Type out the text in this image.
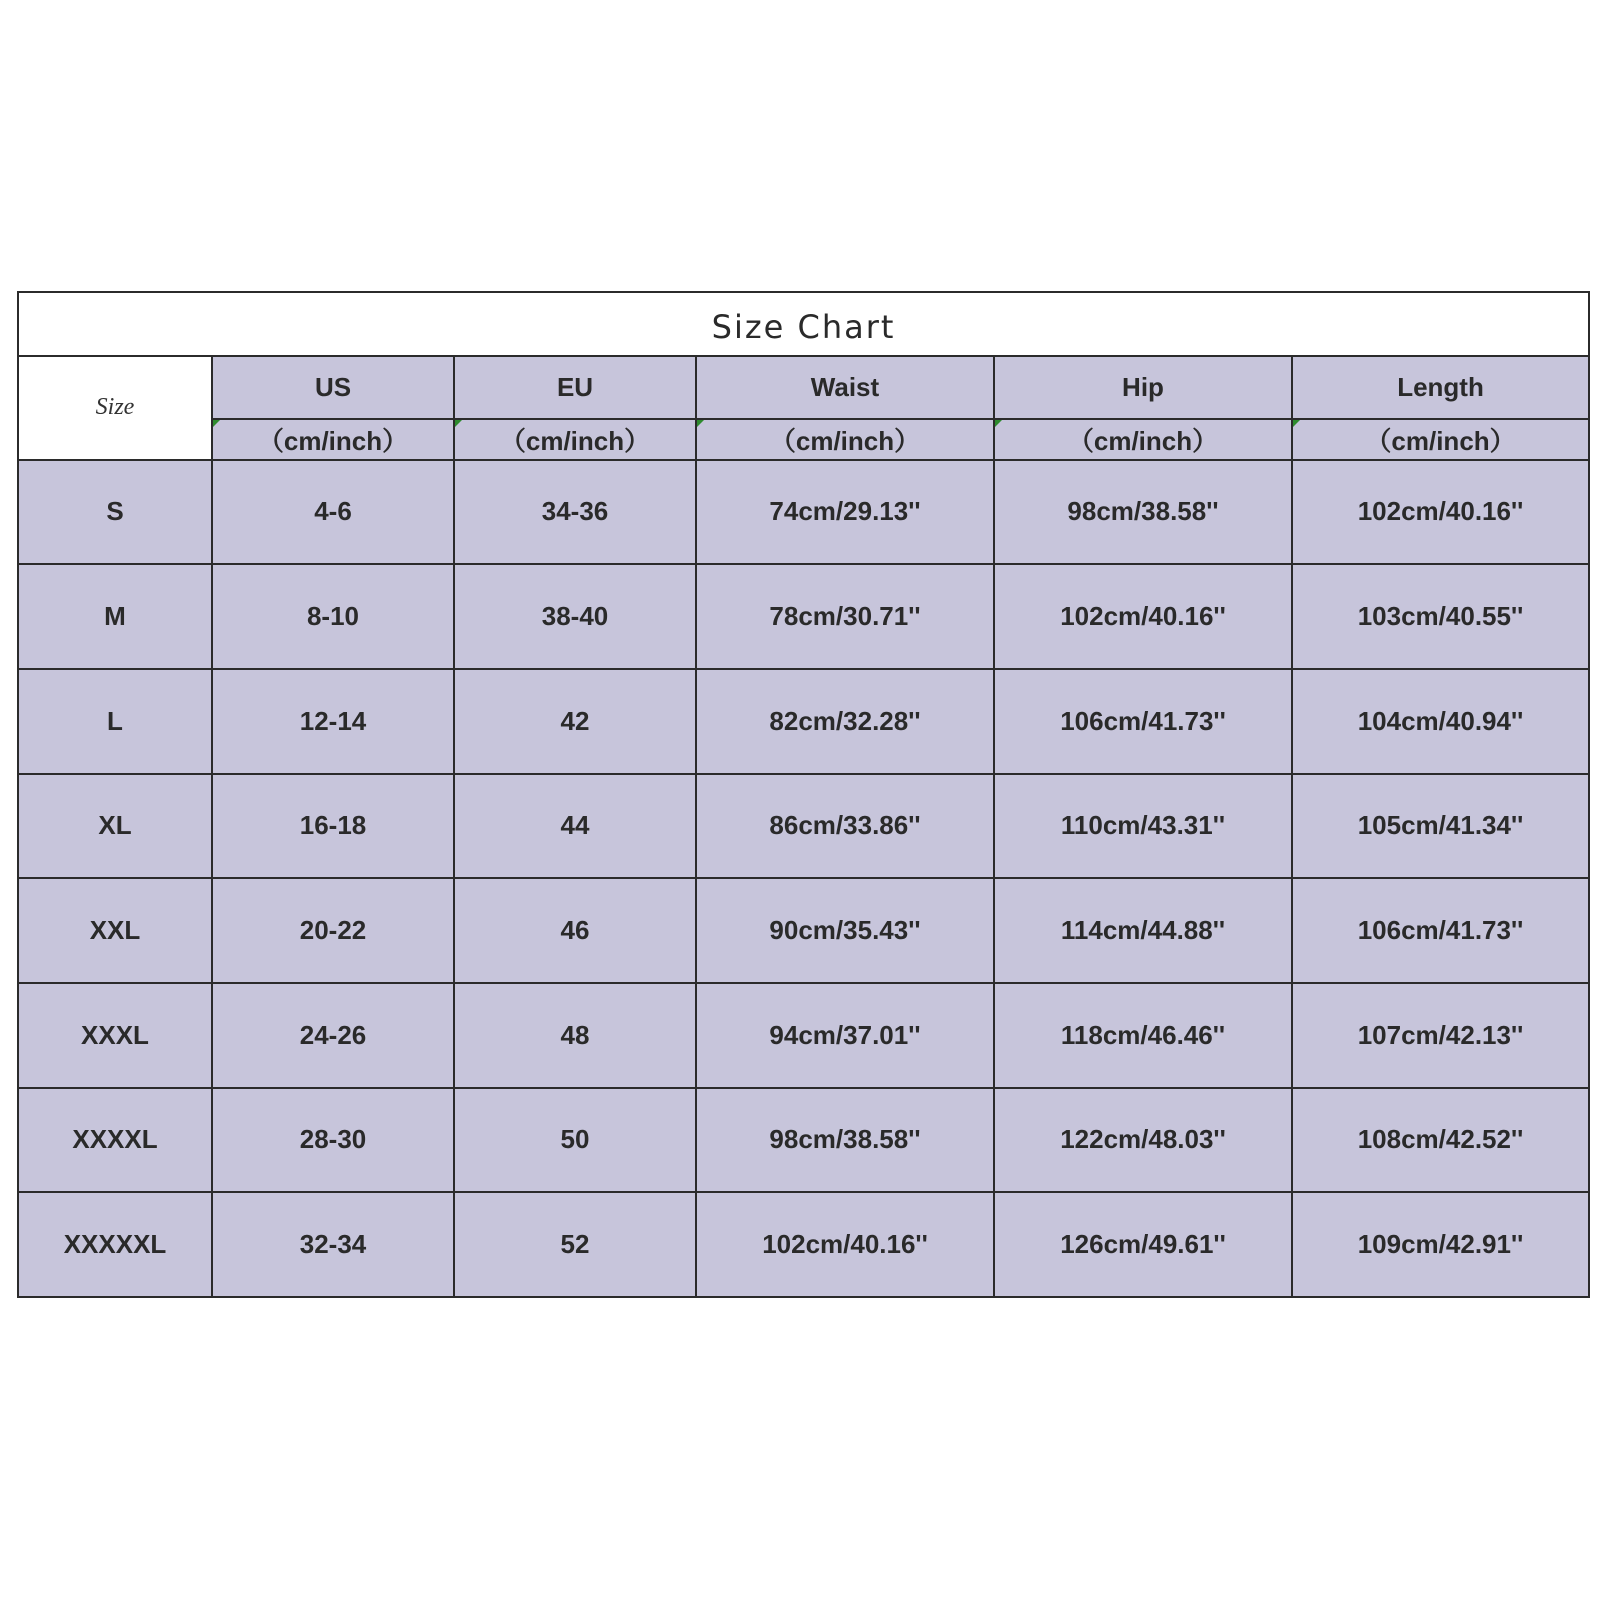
Size Chart					
Size	US	EU	Waist	Hip	Length

（cm/inch）	（cm/inch）	（cm/inch）	（cm/inch）	（cm/inch）
S	4-6	34-36	74cm/29.13''	98cm/38.58''	102cm/40.16''
M	8-10	38-40	78cm/30.71''	102cm/40.16''	103cm/40.55''
L	12-14	42	82cm/32.28''	106cm/41.73''	104cm/40.94''
XL	16-18	44	86cm/33.86''	110cm/43.31''	105cm/41.34''
XXL	20-22	46	90cm/35.43''	114cm/44.88''	106cm/41.73''
XXXL	24-26	48	94cm/37.01''	118cm/46.46''	107cm/42.13''
XXXXL	28-30	50	98cm/38.58''	122cm/48.03''	108cm/42.52''
XXXXXL	32-34	52	102cm/40.16''	126cm/49.61''	109cm/42.91''
